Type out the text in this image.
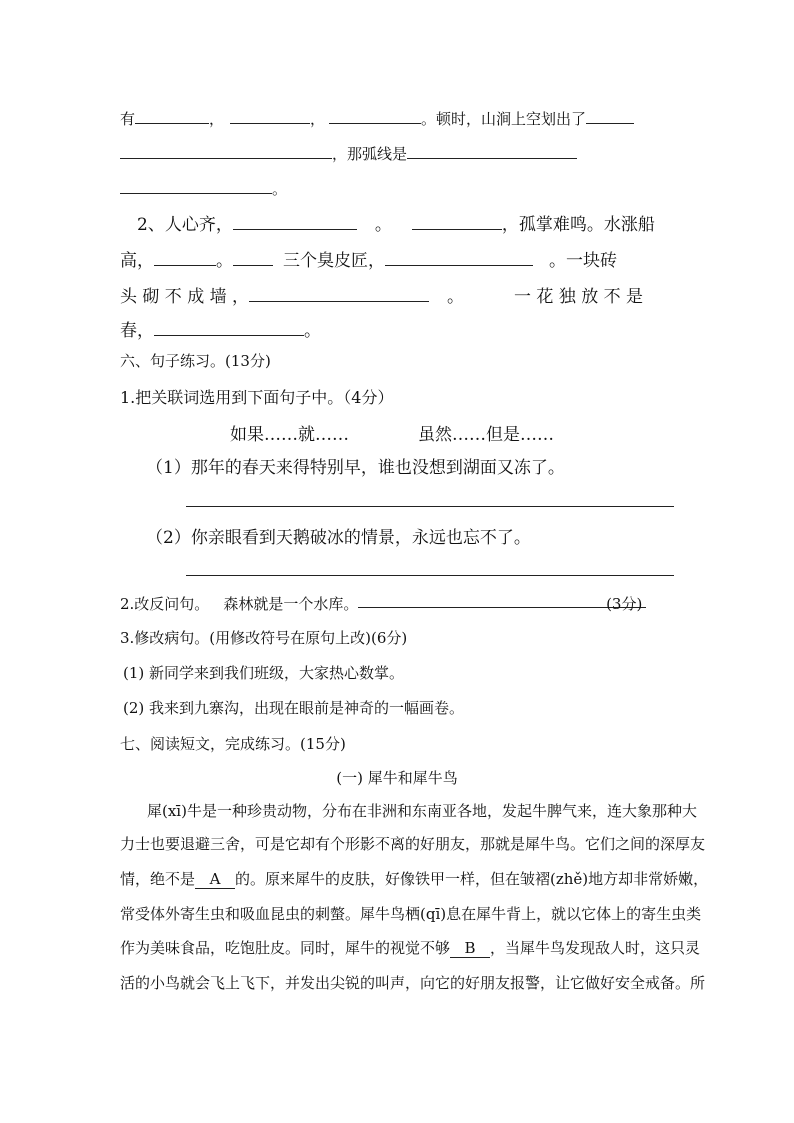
有	，	，	。顿时，山涧上空划出了
，那弧线是
。
2、人心齐，	。	，孤掌难鸣。水涨船
高，	。	三个臭皮匠，	。一块砖
头 砌 不 成 墙 ，	。	一 花 独 放 不 是
春，	。
六、句子练习。(13分)
1.把关联词选用到下面句子中。（4分）
如果……就……	虽然……但是……
（1）那年的春天来得特别早，谁也没想到湖面又冻了。
（2）你亲眼看到天鹅破冰的情景，永远也忘不了。
2.改反问句。 森林就是一个水库。	(3分)
3.修改病句。(用修改符号在原句上改)(6分)
(1) 新同学来到我们班级，大家热心数掌。
(2) 我来到九寨沟，出现在眼前是神奇的一幅画卷。
七、阅读短文，完成练习。(15分)
(一) 犀牛和犀牛鸟
犀(xī)牛是一种珍贵动物，分布在非洲和东南亚各地，发起牛脾气来，连大象那种大
力士也要退避三舍，可是它却有个形影不离的好朋友，那就是犀牛鸟。它们之间的深厚友
情，绝不是 A 的。原来犀牛的皮肤，好像铁甲一样，但在皱褶(zhě)地方却非常娇嫩，
常受体外寄生虫和吸血昆虫的刺螫。犀牛鸟栖(qī)息在犀牛背上，就以它体上的寄生虫类
作为美味食品，吃饱肚皮。同时，犀牛的视觉不够 B ，当犀牛鸟发现敌人时，这只灵
活的小鸟就会飞上飞下，并发出尖锐的叫声，向它的好朋友报警，让它做好安全戒备。所
